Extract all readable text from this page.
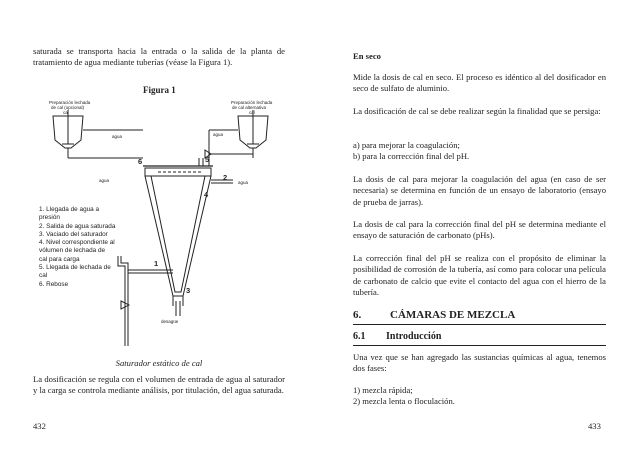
saturada se transporta hacia la entrada o la salida de la planta de tratamiento de agua mediante tuberías (véase la Figura 1).

Figura 1
Preparación lechada
de cal (opcional)
Preparación lechada
de cal alternativa
cal	cal
agua	agua
agua	agua
desagüe
1
2
3
4
5
6
1. Llegada de agua a
presión
2. Salida de agua saturada
3. Vaciado del saturador
4. Nivel correspondiente al
vólumen de lechada de
cal para carga
5. Llegada de lechada de
cal
6. Rebose
Saturador estático de cal

La dosificación se regula con el volumen de entrada de agua al saturador y la carga se controla mediante análisis, por titulación, del agua saturada.

432
En seco

Mide la dosis de cal en seco. El proceso es idéntico al del dosificador en seco de sulfato de aluminio.

La dosificación de cal se debe realizar según la finalidad que se persiga:

a) para mejorar la coagulación;

b) para la corrección final del pH.

La dosis de cal para mejorar la coagulación del agua (en caso de ser necesaria) se determina en función de un ensayo de laboratorio (ensayo de prueba de jarras).

La dosis de cal para la corrección final del pH se determina mediante el ensayo de saturación de carbonato (pHs).

La corrección final del pH se realiza con el propósito de eliminar la posibilidad de corrosión de la tubería, así como para colocar una película de carbonato de calcio que evite el contacto del agua con el hierro de la tubería.

6.	CÁMARAS DE MEZCLA
6.1 Introducción

Una vez que se han agregado las sustancias químicas al agua, tenemos dos fases:

1) mezcla rápida;

2) mezcla lenta o floculación.

433
